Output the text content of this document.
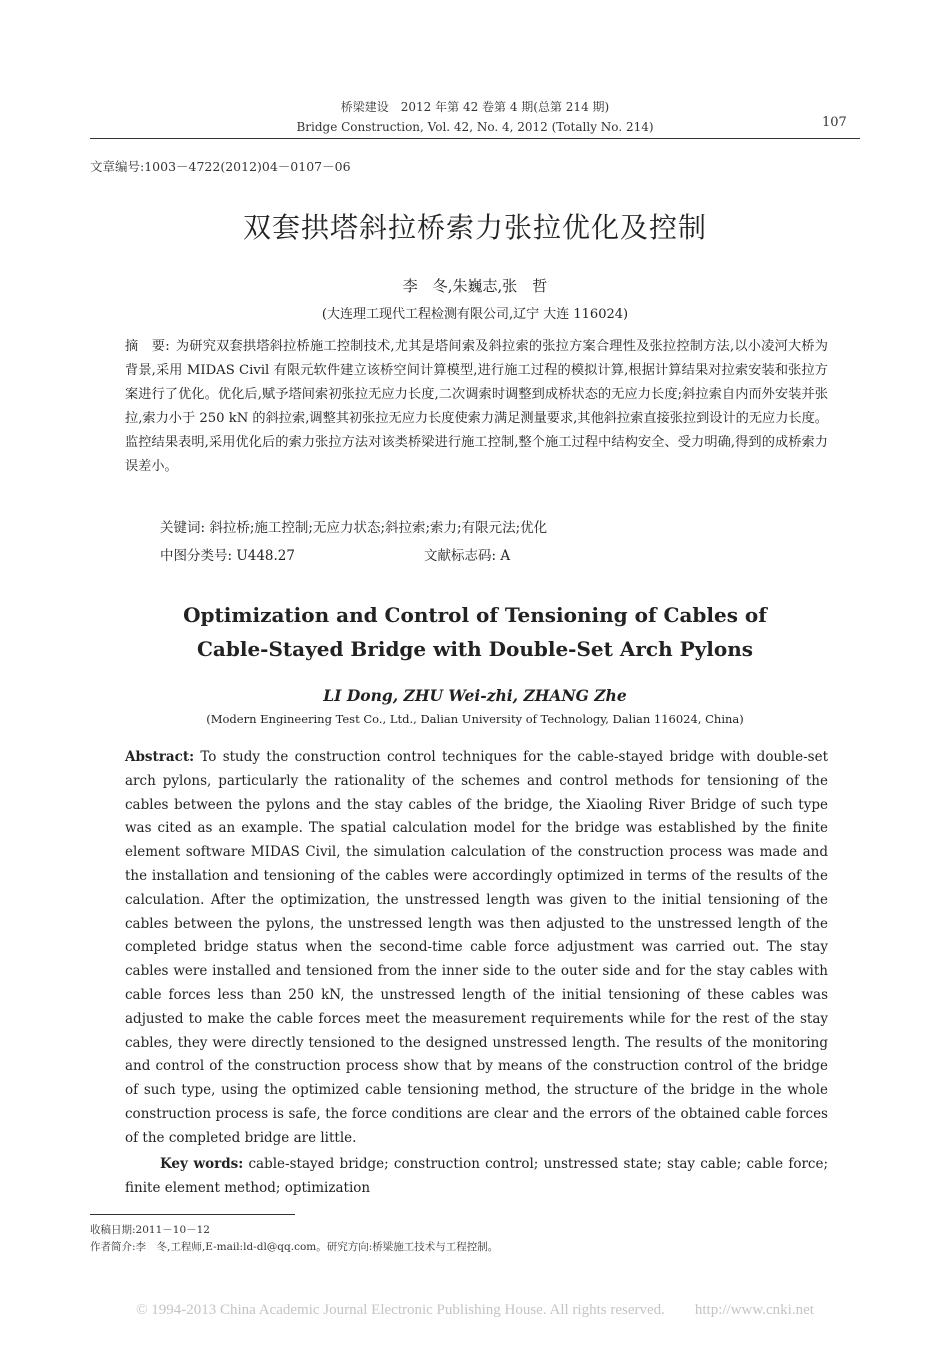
桥梁建设　2012 年第 42 卷第 4 期(总第 214 期)
Bridge Construction, Vol. 42, No. 4, 2012 (Totally No. 214)	107
文章编号:1003－4722(2012)04－0107－06
双套拱塔斜拉桥索力张拉优化及控制
李　冬,朱巍志,张　哲
(大连理工现代工程检测有限公司,辽宁 大连 116024)
摘　要: 为研究双套拱塔斜拉桥施工控制技术,尤其是塔间索及斜拉索的张拉方案合理性及张拉控制方法,以小凌河大桥为背景,采用 MIDAS Civil 有限元软件建立该桥空间计算模型,进行施工过程的模拟计算,根据计算结果对拉索安装和张拉方案进行了优化。优化后,赋予塔间索初张拉无应力长度,二次调索时调整到成桥状态的无应力长度;斜拉索自内而外安装并张拉,索力小于 250 kN 的斜拉索,调整其初张拉无应力长度使索力满足测量要求,其他斜拉索直接张拉到设计的无应力长度。监控结果表明,采用优化后的索力张拉方法对该类桥梁进行施工控制,整个施工过程中结构安全、受力明确,得到的成桥索力误差小。
关键词: 斜拉桥;施工控制;无应力状态;斜拉索;索力;有限元法;优化
中图分类号: U448.27	文献标志码: A
Optimization and Control of Tensioning of Cables of
Cable-Stayed Bridge with Double-Set Arch Pylons
LI Dong, ZHU Wei-zhi, ZHANG Zhe
(Modern Engineering Test Co., Ltd., Dalian University of Technology, Dalian 116024, China)
Abstract: To study the construction control techniques for the cable-stayed bridge with double-set arch pylons, particularly the rationality of the schemes and control methods for tensioning of the cables between the pylons and the stay cables of the bridge, the Xiaoling River Bridge of such type was cited as an example. The spatial calculation model for the bridge was established by the finite element software MIDAS Civil, the simulation calculation of the construction process was made and the installation and tensioning of the cables were accordingly optimized in terms of the results of the calculation. After the optimization, the unstressed length was given to the initial tensioning of the cables between the pylons, the unstressed length was then adjusted to the unstressed length of the completed bridge status when the second-time cable force adjustment was carried out. The stay cables were installed and tensioned from the inner side to the outer side and for the stay cables with cable forces less than 250 kN, the unstressed length of the initial tensioning of these cables was adjusted to make the cable forces meet the measurement requirements while for the rest of the stay cables, they were directly tensioned to the designed unstressed length. The results of the monitoring and control of the construction process show that by means of the construction control of the bridge of such type, using the optimized cable tensioning method, the structure of the bridge in the whole construction process is safe, the force conditions are clear and the errors of the obtained cable forces of the completed bridge are little.
Key words: cable-stayed bridge; construction control; unstressed state; stay cable; cable force; finite element method; optimization
收稿日期:2011－10－12
作者简介:李　冬,工程师,E-mail:ld-dl@qq.com。研究方向:桥梁施工技术与工程控制。
© 1994-2013 China Academic Journal Electronic Publishing House. All rights reserved.　　http://www.cnki.net
